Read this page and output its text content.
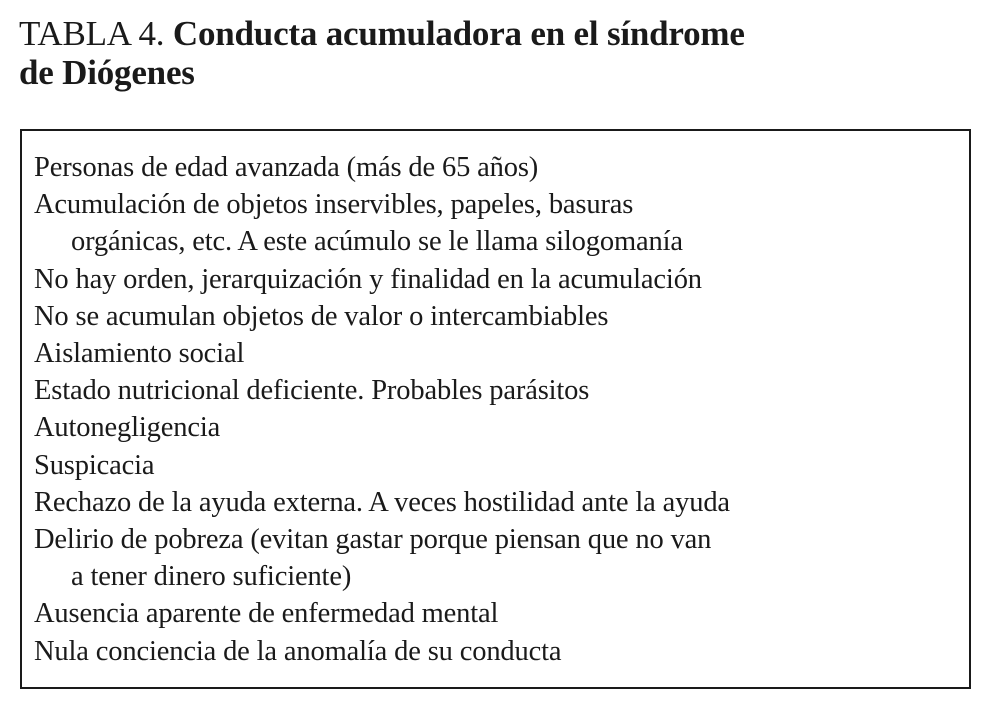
TABLA 4. Conducta acumuladora en el síndrome
de Diógenes
Personas de edad avanzada (más de 65 años)
Acumulación de objetos inservibles, papeles, basuras
orgánicas, etc. A este acúmulo se le llama silogomanía
No hay orden, jerarquización y finalidad en la acumulación
No se acumulan objetos de valor o intercambiables
Aislamiento social
Estado nutricional deficiente. Probables parásitos
Autonegligencia
Suspicacia
Rechazo de la ayuda externa. A veces hostilidad ante la ayuda
Delirio de pobreza (evitan gastar porque piensan que no van
a tener dinero suficiente)
Ausencia aparente de enfermedad mental
Nula conciencia de la anomalía de su conducta
